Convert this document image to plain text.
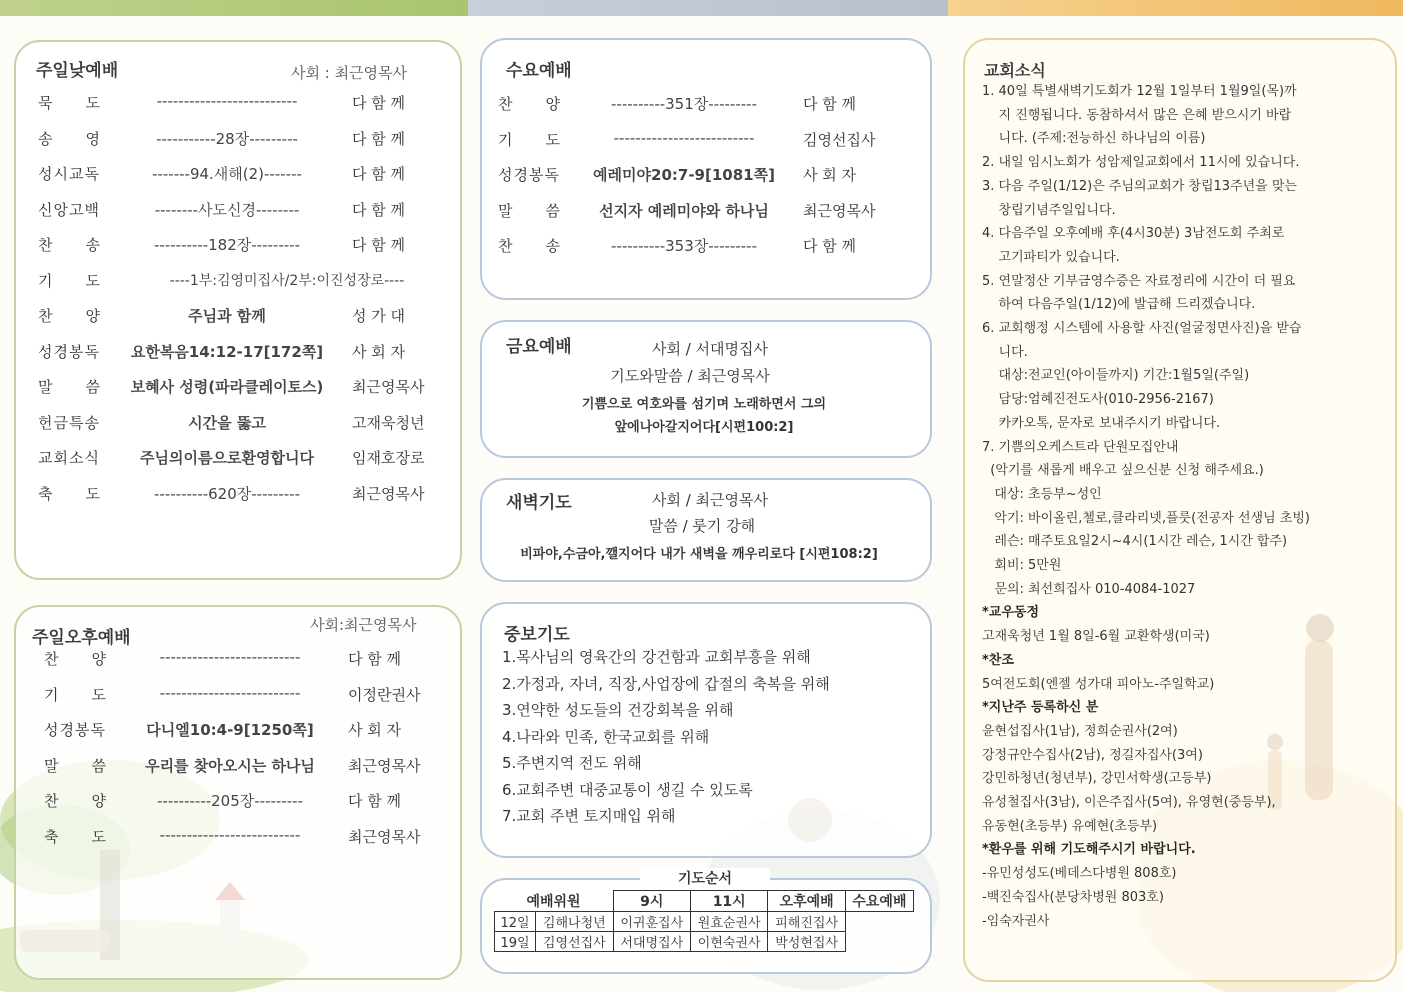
주일낮예배	사회 : 최근영목사
묵　　도	--------------------------	다 함 께
송　　영	-----------28장---------	다 함 께
성시교독	-------94.새해(2)-------	다 함 께
신앙고백	--------사도신경--------	다 함 께
찬　　송	----------182장---------	다 함 께
기　　도	----1부:김영미집사/2부:이진성장로----
찬　　양	주님과 함께	성 가 대
성경봉독	요한복음14:12-17[172쪽]	사 회 자
말　　씀	보혜사 성령(파라클레이토스)	최근영목사
헌금특송	시간을 뚫고	고재욱청년
교회소식	주님의이름으로환영합니다	임재호장로
축　　도	----------620장---------	최근영목사
주일오후예배
사회:최근영목사
찬　　양	--------------------------	다 함 께
기　　도	--------------------------	이정란권사
성경봉독	다니엘10:4-9[1250쪽]	사 회 자
말　　씀	우리를 찾아오시는 하나님	최근영목사
찬　　양	----------205장---------	다 함 께
축　　도	--------------------------	최근영목사
수요예배
찬　　양	----------351장---------	다 함 께
기　　도	--------------------------	김영선집사
성경봉독	예레미야20:7-9[1081쪽]	사 회 자
말　　씀	선지자 예레미야와 하나님	최근영목사
찬　　송	----------353장---------	다 함 께
금요예배	사회 / 서대명집사
기도와말씀 / 최근영목사
기쁨으로 여호와를 섬기며 노래하면서 그의
앞에나아갈지어다[시편100:2]
새벽기도	사회 / 최근영목사
말씀 / 룻기 강해
비파야,수금아,깰지어다 내가 새벽을 깨우리로다 [시편108:2]
중보기도
1.목사님의 영육간의 강건함과 교회부흥을 위해
2.가정과, 자녀, 직장,사업장에 갑절의 축복을 위해
3.연약한 성도들의 건강회복을 위해
4.나라와 민족, 한국교회를 위해
5.주변지역 전도 위해
6.교회주변 대중교통이 생길 수 있도록
7.교회 주변 토지매입 위해
기도순서
예배위원		9시	11시	오후예배	수요예배
12일	김해나청년	이귀훈집사	원효순권사	피해진집사	
19일	김영선집사	서대명집사	이현숙권사	박성현집사	
교회소식
1. 40일 특별새벽기도회가 12월 1일부터 1월9일(목)까
지 진행됩니다. 동참하셔서 많은 은혜 받으시기 바랍
니다. (주제:전능하신 하나님의 이름)
2. 내일 임시노회가 성암제일교회에서 11시에 있습니다.
3. 다음 주일(1/12)은 주님의교회가 창립13주년을 맞는
창립기념주일입니다.
4. 다음주일 오후예배 후(4시30분) 3남전도회 주최로
고기파티가 있습니다.
5. 연말정산 기부금영수증은 자료정리에 시간이 더 필요
하여 다음주일(1/12)에 발급해 드리겠습니다.
6. 교회행정 시스템에 사용할 사진(얼굴정면사진)을 받습
니다.
대상:전교인(아이들까지) 기간:1월5일(주일)
담당:엄혜진전도사(010-2956-2167)
카카오톡, 문자로 보내주시기 바랍니다.
7. 기쁨의오케스트라 단원모집안내
(악기를 새롭게 배우고 싶으신분 신청 해주세요.)
대상: 초등부~성인
악기: 바이올린,첼로,클라리넷,플룻(전공자 선생님 초빙)
레슨: 매주토요일2시~4시(1시간 레슨, 1시간 합주)
회비: 5만원
문의: 최선희집사 010-4084-1027
*교우동정
고재욱청년 1월 8일-6월 교환학생(미국)
*찬조
5여전도회(엔젤 성가대 피아노-주일학교)
*지난주 등록하신 분
윤현섭집사(1남), 정희순권사(2여)
강정규안수집사(2남), 정길자집사(3여)
강민하청년(청년부), 강민서학생(고등부)
유성철집사(3남), 이은주집사(5여), 유영현(중등부),
유동현(초등부) 유예현(초등부)
*환우를 위해 기도해주시기 바랍니다.
-유민성성도(베데스다병원 808호)
-백진숙집사(분당차병원 803호)
-임숙자권사
